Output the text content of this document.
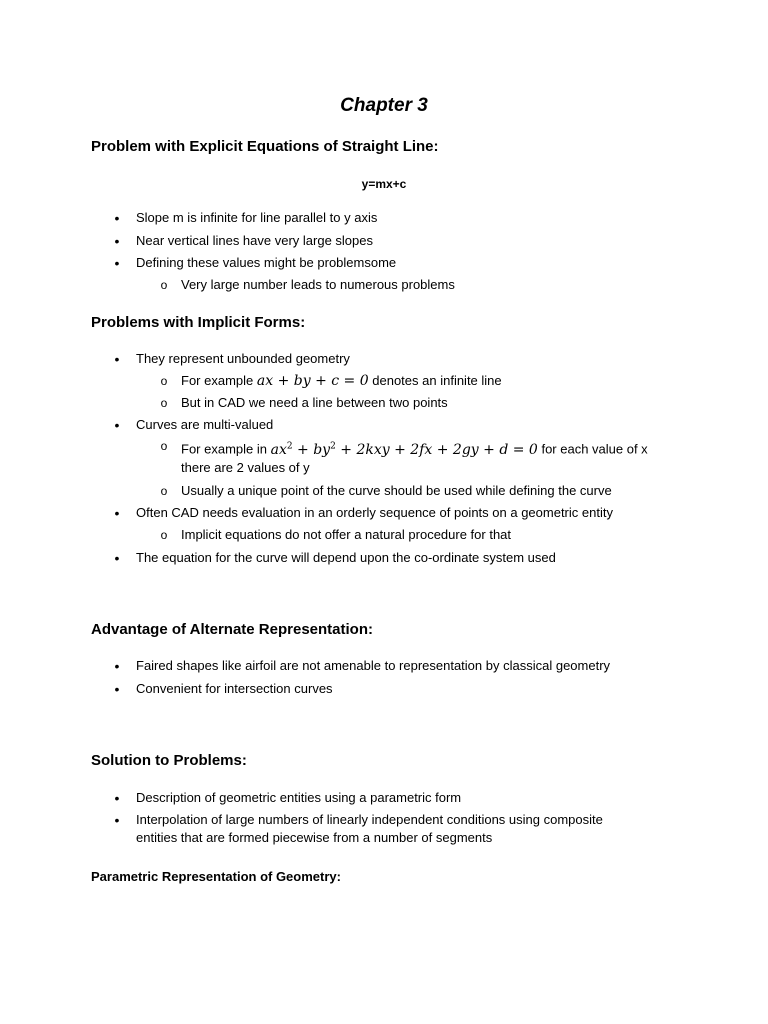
Chapter 3
Problem with Explicit Equations of Straight Line:
y=mx+c
•	Slope m is infinite for line parallel to y axis
•	Near vertical lines have very large slopes
•	Defining these values might be problemsome
o Very large number leads to numerous problems
Problems with Implicit Forms:
•	They represent unbounded geometry
o For example ax + by + c = 0 denotes an infinite line
o But in CAD we need a line between two points
•	Curves are multi-valued
o For example in $ax^2 + by^2 + 2kxy + 2fx + 2gy + d = 0$ for each value of x
there are 2 values of y
o Usually a unique point of the curve should be used while defining the curve
•	Often CAD needs evaluation in an orderly sequence of points on a geometric entity
o Implicit equations do not offer a natural procedure for that
•	The equation for the curve will depend upon the co-ordinate system used
Advantage of Alternate Representation:
•	Faired shapes like airfoil are not amenable to representation by classical geometry
•	Convenient for intersection curves
Solution to Problems:
•	Description of geometric entities using a parametric form
•	Interpolation of large numbers of linearly independent conditions using composite
entities that are formed piecewise from a number of segments
Parametric Representation of Geometry:
